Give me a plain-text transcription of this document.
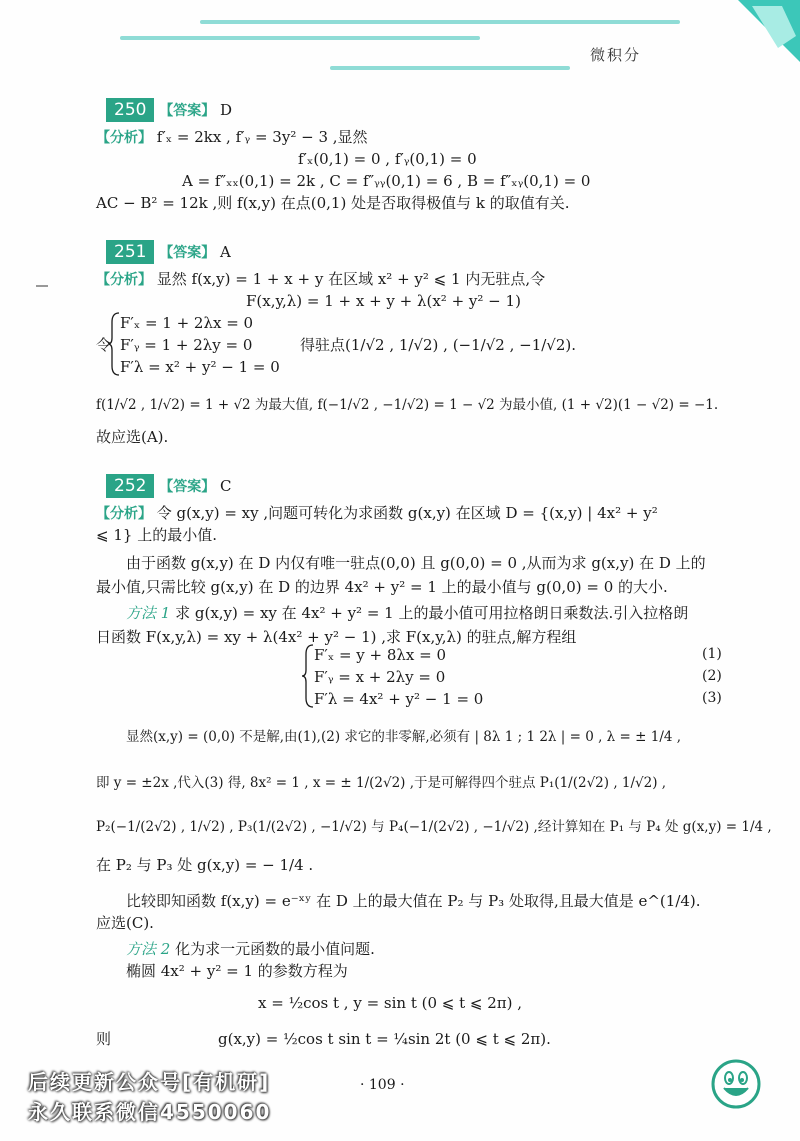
微积分
250 【答案】 D
【分析】 f′ₓ = 2kx , f′ᵧ = 3y² − 3 ,显然
f′ₓ(0,1) = 0 , f′ᵧ(0,1) = 0
A = f″ₓₓ(0,1) = 2k , C = f″ᵧᵧ(0,1) = 6 , B = f″ₓᵧ(0,1) = 0
AC − B² = 12k ,则 f(x,y) 在点(0,1) 处是否取得极值与 k 的取值有关.
251 【答案】 A
【分析】 显然 f(x,y) = 1 + x + y 在区域 x² + y² ⩽ 1 内无驻点,令
F(x,y,λ) = 1 + x + y + λ(x² + y² − 1)
令
F′ₓ = 1 + 2λx = 0
F′ᵧ = 1 + 2λy = 0
F′λ = x² + y² − 1 = 0
得驻点(1/√2 , 1/√2) , (−1/√2 , −1/√2).
f(1/√2 , 1/√2) = 1 + √2 为最大值, f(−1/√2 , −1/√2) = 1 − √2 为最小值, (1 + √2)(1 − √2) = −1.
故应选(A).
252 【答案】 C
【分析】 令 g(x,y) = xy ,问题可转化为求函数 g(x,y) 在区域 D = {(x,y) | 4x² + y²
⩽ 1} 上的最小值.
由于函数 g(x,y) 在 D 内仅有唯一驻点(0,0) 且 g(0,0) = 0 ,从而为求 g(x,y) 在 D 上的
最小值,只需比较 g(x,y) 在 D 的边界 4x² + y² = 1 上的最小值与 g(0,0) = 0 的大小.
方法 1 求 g(x,y) = xy 在 4x² + y² = 1 上的最小值可用拉格朗日乘数法.引入拉格朗
日函数 F(x,y,λ) = xy + λ(4x² + y² − 1) ,求 F(x,y,λ) 的驻点,解方程组
F′ₓ = y + 8λx = 0
F′ᵧ = x + 2λy = 0
F′λ = 4x² + y² − 1 = 0
(1)
(2)
(3)
显然(x,y) = (0,0) 不是解,由(1),(2) 求它的非零解,必须有 | 8λ 1 ; 1 2λ | = 0 , λ = ± 1/4 ,
即 y = ±2x ,代入(3) 得, 8x² = 1 , x = ± 1/(2√2) ,于是可解得四个驻点 P₁(1/(2√2) , 1/√2) ,
P₂(−1/(2√2) , 1/√2) , P₃(1/(2√2) , −1/√2) 与 P₄(−1/(2√2) , −1/√2) ,经计算知在 P₁ 与 P₄ 处 g(x,y) = 1/4 ,
在 P₂ 与 P₃ 处 g(x,y) = − 1/4 .
比较即知函数 f(x,y) = e⁻ˣʸ 在 D 上的最大值在 P₂ 与 P₃ 处取得,且最大值是 e^(1/4).
应选(C).
方法 2 化为求一元函数的最小值问题.
椭圆 4x² + y² = 1 的参数方程为
x = ½cos t , y = sin t (0 ⩽ t ⩽ 2π) ,
则	g(x,y) = ½cos t sin t = ¼sin 2t (0 ⩽ t ⩽ 2π).
· 109 ·
后续更新公众号[有机研]
永久联系微信4550060
